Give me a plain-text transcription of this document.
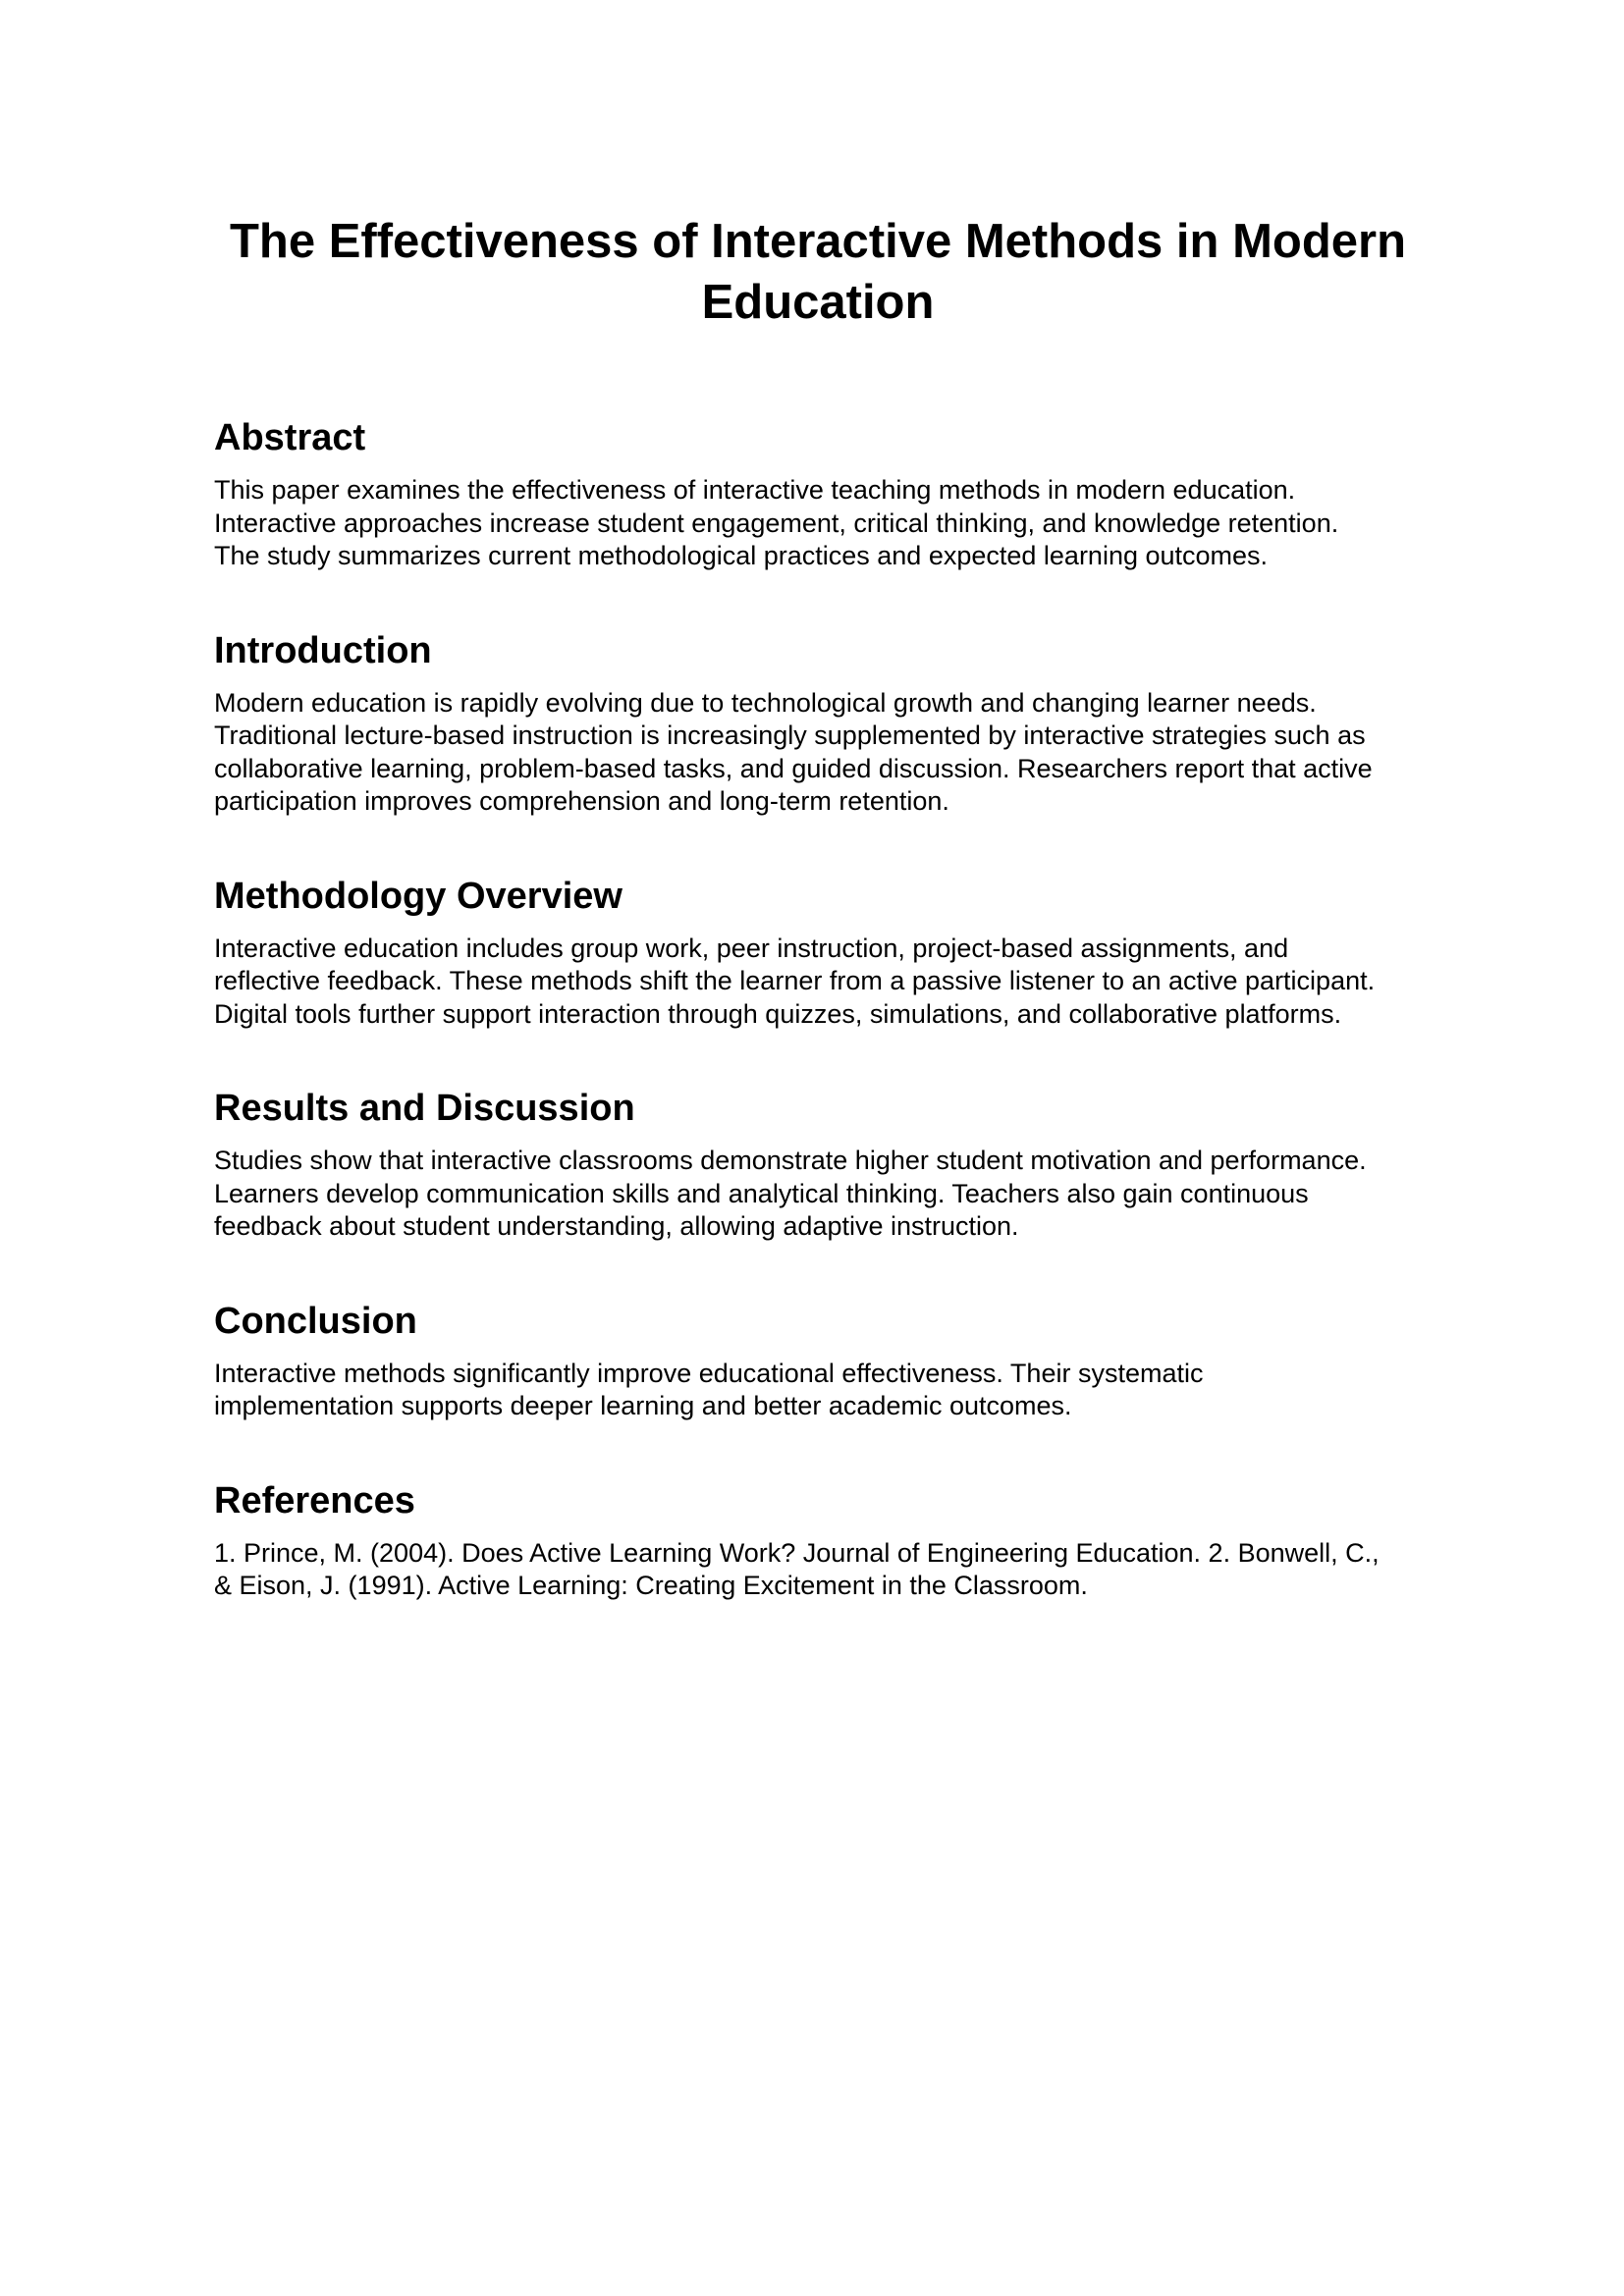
The Effectiveness of Interactive Methods in Modern Education
Abstract

This paper examines the effectiveness of interactive teaching methods in modern education.
Interactive approaches increase student engagement, critical thinking, and knowledge retention.
The study summarizes current methodological practices and expected learning outcomes.

Introduction

Modern education is rapidly evolving due to technological growth and changing learner needs.
Traditional lecture-based instruction is increasingly supplemented by interactive strategies such as
collaborative learning, problem-based tasks, and guided discussion. Researchers report that active
participation improves comprehension and long-term retention.

Methodology Overview

Interactive education includes group work, peer instruction, project-based assignments, and
reflective feedback. These methods shift the learner from a passive listener to an active participant.
Digital tools further support interaction through quizzes, simulations, and collaborative platforms.

Results and Discussion

Studies show that interactive classrooms demonstrate higher student motivation and performance.
Learners develop communication skills and analytical thinking. Teachers also gain continuous
feedback about student understanding, allowing adaptive instruction.

Conclusion

Interactive methods significantly improve educational effectiveness. Their systematic
implementation supports deeper learning and better academic outcomes.

References

1. Prince, M. (2004). Does Active Learning Work? Journal of Engineering Education. 2. Bonwell, C.,
& Eison, J. (1991). Active Learning: Creating Excitement in the Classroom.
